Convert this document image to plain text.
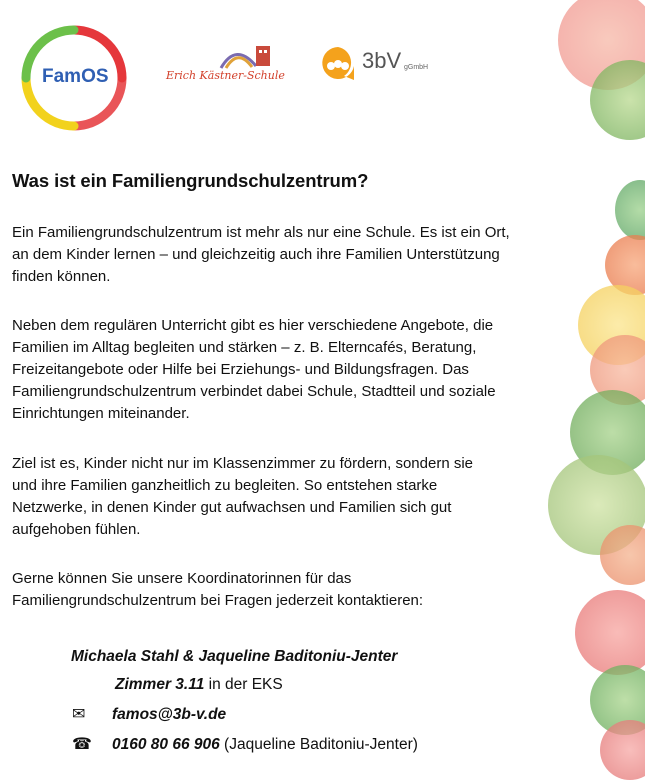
FamOS	Erich Kästner-Schule
3bV gGmbH
Was ist ein Familiengrundschulzentrum?

Ein Familiengrundschulzentrum ist mehr als nur eine Schule. Es ist ein Ort,
an dem Kinder lernen – und gleichzeitig auch ihre Familien Unterstützung
finden können.

Neben dem regulären Unterricht gibt es hier verschiedene Angebote, die
Familien im Alltag begleiten und stärken – z. B. Elterncafés, Beratung,
Freizeitangebote oder Hilfe bei Erziehungs- und Bildungsfragen. Das
Familiengrundschulzentrum verbindet dabei Schule, Stadtteil und soziale
Einrichtungen miteinander.

Ziel ist es, Kinder nicht nur im Klassenzimmer zu fördern, sondern sie
und ihre Familien ganzheitlich zu begleiten. So entstehen starke
Netzwerke, in denen Kinder gut aufwachsen und Familien sich gut
aufgehoben fühlen.

Gerne können Sie unsere Koordinatorinnen für das
Familiengrundschulzentrum bei Fragen jederzeit kontaktieren:

Michaela Stahl & Jaqueline Baditoniu-Jenter
Zimmer 3.11 in der EKS
✉ famos@3b-v.de
☎ 0160 80 66 906 (Jaqueline Baditoniu-Jenter)
